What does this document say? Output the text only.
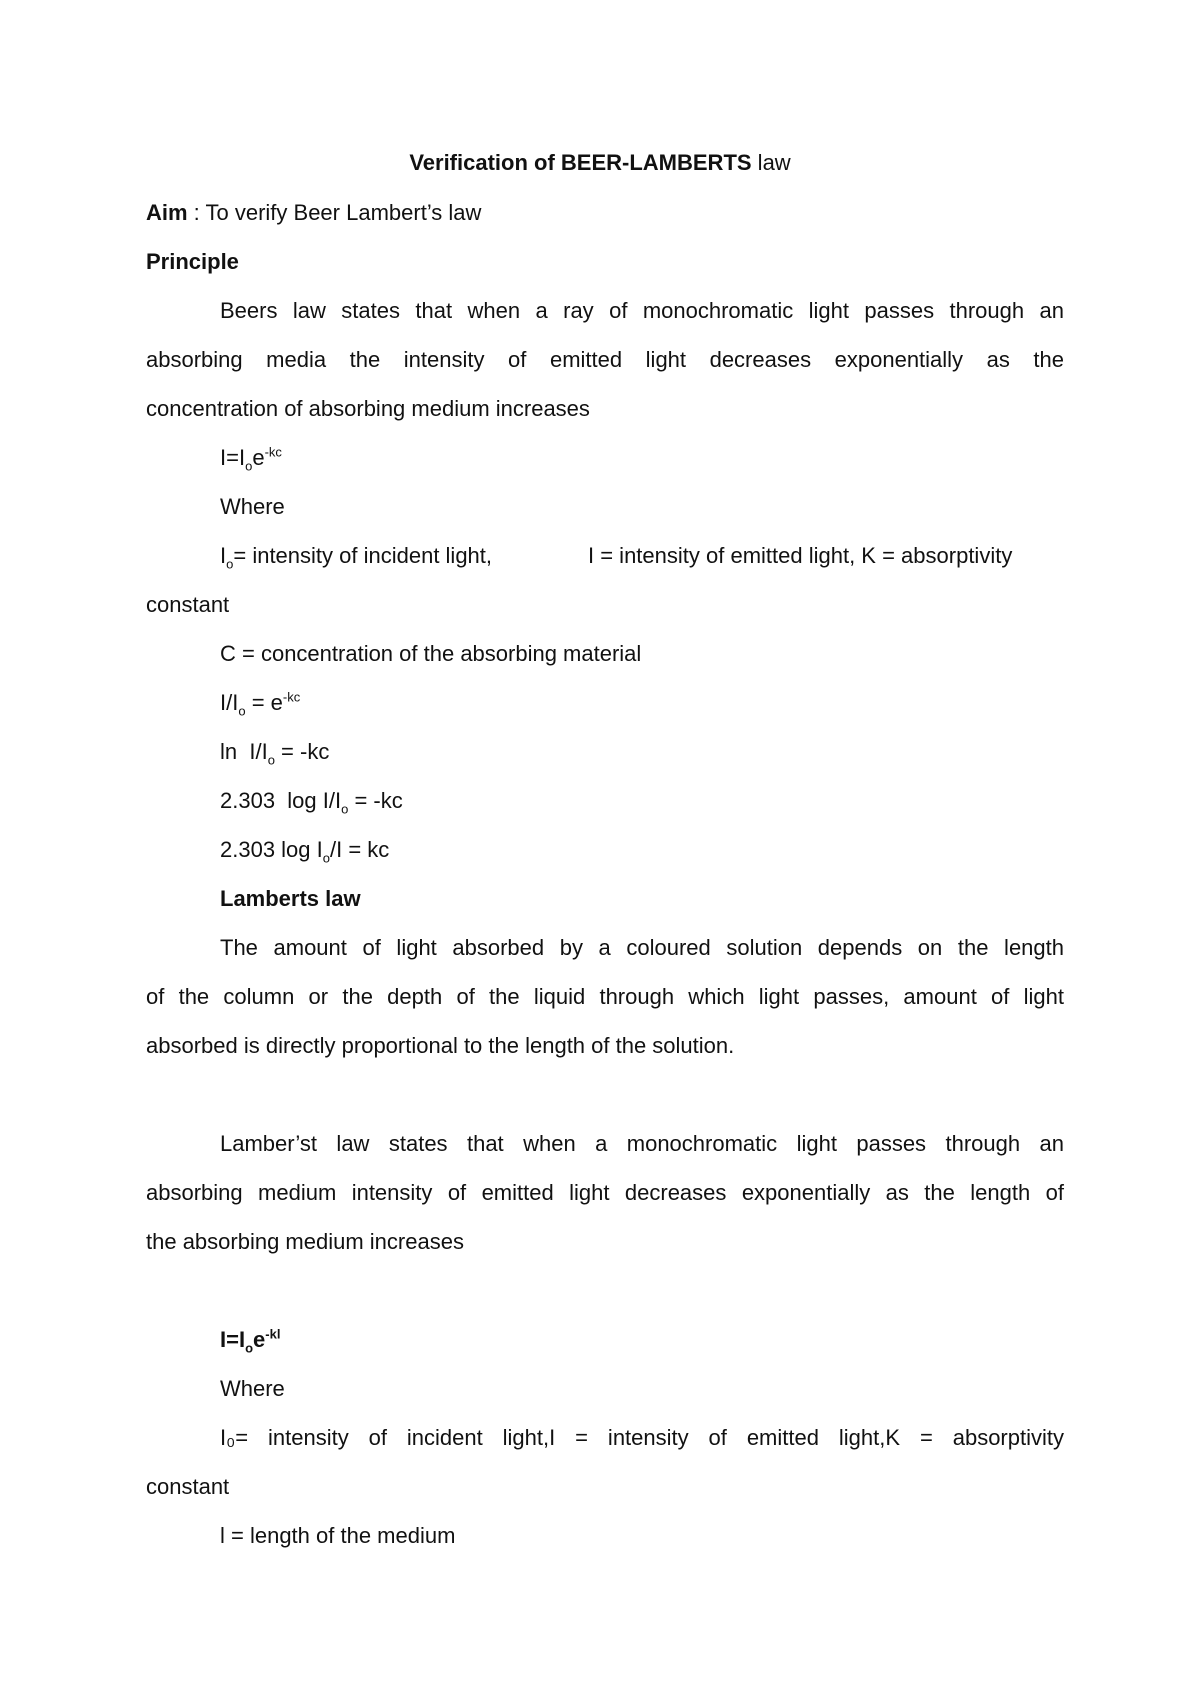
Verification of BEER-LAMBERTS law
Aim : To verify Beer Lambert’s law
Principle
Beers law states that when a ray of monochromatic light passes through an
absorbing media the intensity of emitted light decreases exponentially as the
concentration of absorbing medium increases
$I=I_oe^{-kc}$
Where
$I_o=$ intensity of incident light,	I = intensity of emitted light, K = absorptivity
constant
C = concentration of the absorbing material
$I/I_o = e^{-kc}$
$\ln I/I_o = -kc$
2.303  $\log I/I_o = -kc$
2.303 $\log I_o/I$ = kc
Lamberts law
The amount of light absorbed by a coloured solution depends on the length
of the column or the depth of the liquid through which light passes, amount of light
absorbed is directly proportional to the length of the solution.
Lamber’st law states that when a monochromatic light passes through an
absorbing medium intensity of emitted light decreases exponentially as the length of
the absorbing medium increases
$I=I_oe^{-kl}$
Where
I₀= intensity of incident light,I = intensity of emitted light,K = absorptivity
constant
l = length of the medium
